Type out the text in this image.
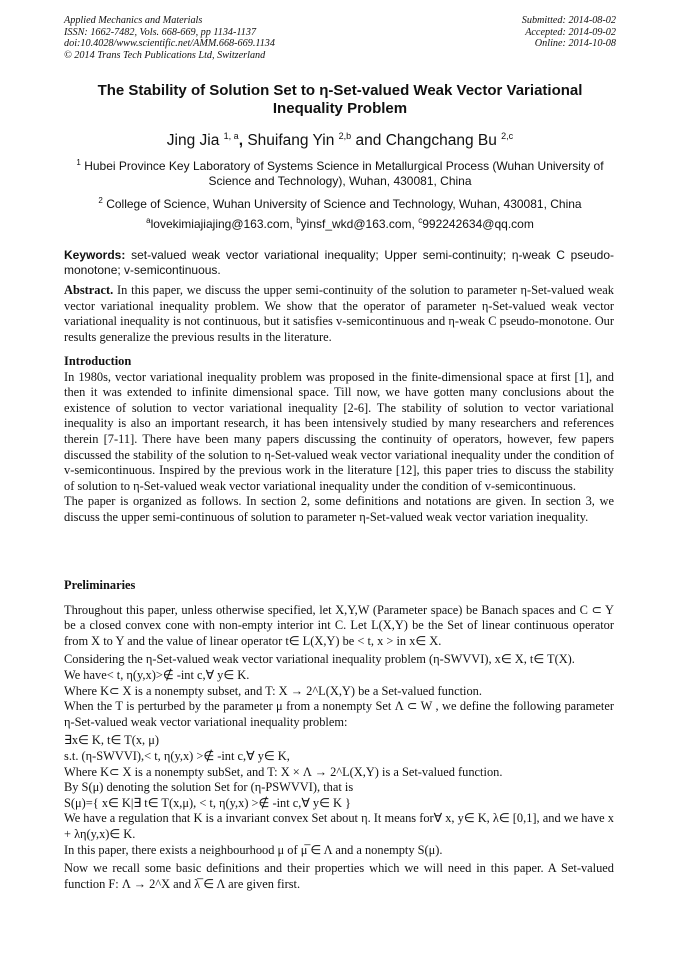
Applied Mechanics and Materials
ISSN: 1662-7482, Vols. 668-669, pp 1134-1137
doi:10.4028/www.scientific.net/AMM.668-669.1134
© 2014 Trans Tech Publications Ltd, Switzerland
Submitted: 2014-08-02
Accepted: 2014-09-02
Online: 2014-10-08
The Stability of Solution Set to η-Set-valued Weak Vector Variational Inequality Problem
Jing Jia $^{1, a}$, Shuifang Yin $^{2,b}$ and Changchang Bu $^{2,c}$
$^1$ Hubei Province Key Laboratory of Systems Science in Metallurgical Process (Wuhan University of Science and Technology), Wuhan, 430081, China
$^2$ College of Science, Wuhan University of Science and Technology, Wuhan, 430081, China
$^a$lovekimiajiajing@163.com, $^b$yinsf_wkd@163.com, $^c$992242634@qq.com
Keywords: set-valued weak vector variational inequality; Upper semi-continuity; η-weak C pseudo-monotone; v-semicontinuous.
Abstract. In this paper, we discuss the upper semi-continuity of the solution to parameter η-Set-valued weak vector variational inequality problem. We show that the operator of parameter η-Set-valued weak vector variational inequality is not continuous, but it satisfies v-semicontinuous and η-weak C pseudo-monotone. Our results generalize the previous results in the literature.

Introduction

In 1980s, vector variational inequality problem was proposed in the finite-dimensional space at first [1], and then it was extended to infinite dimensional space. Till now, we have gotten many conclusions about the existence of solution to vector variational inequality [2-6]. The stability of solution to vector variational inequality is also an important research, it has been intensively studied by many researchers and references therein [7-11]. There have been many papers discussing the continuity of operators, however, few papers discussed the stability of the solution to η-Set-valued weak vector variational inequality under the condition of v-semicontinuous. Inspired by the previous work in the literature [12], this paper tries to discuss the stability of solution to η-Set-valued weak vector variational inequality under the condition of v-semicontinuous.

The paper is organized as follows. In section 2, some definitions and notations are given. In section 3, we discuss the upper semi-continuous of solution to parameter η-Set-valued weak vector variation inequality.

Preliminaries

Throughout this paper, unless otherwise specified, let X,Y,W (Parameter space) be Banach spaces and C ⊂ Y be a closed convex cone with non-empty interior int C. Let L(X,Y) be the Set of linear continuous operator from X to Y and the value of linear operator t∈ L(X,Y) be < t, x > in x∈ X.

Considering the η-Set-valued weak vector variational inequality problem (η-SWVVI), x∈ X, t∈ T(X).

We have< t, η(y,x)>∉ -int c,∀ y∈ K.

Where K⊂ X is a nonempty subset, and T: X → 2^L(X,Y) be a Set-valued function.

When the T is perturbed by the parameter μ from a nonempty Set Λ ⊂ W , we define the following parameter η-Set-valued weak vector variational inequality problem:

∃x∈ K, t∈ T(x, μ)

s.t. (η-SWVVI),< t, η(y,x) >∉ -int c,∀ y∈ K,

Where K⊂ X is a nonempty subSet, and T: X × Λ → 2^L(X,Y) is a Set-valued function.

By S(μ) denoting the solution Set for (η-PSWVVI), that is

S(μ)={ x∈ K|∃ t∈ T(x,μ), < t, η(y,x) >∉ -int c,∀ y∈ K }

We have a regulation that K is a invariant convex Set about η. It means for∀ x, y∈ K, λ∈ [0,1], and we have x + λη(y,x)∈ K.

In this paper, there exists a neighbourhood μ of μ̅ ∈ Λ and a nonempty S(μ).

Now we recall some basic definitions and their properties which we will need in this paper. A Set-valued function F: Λ → 2^X and λ̅ ∈ Λ are given first.
